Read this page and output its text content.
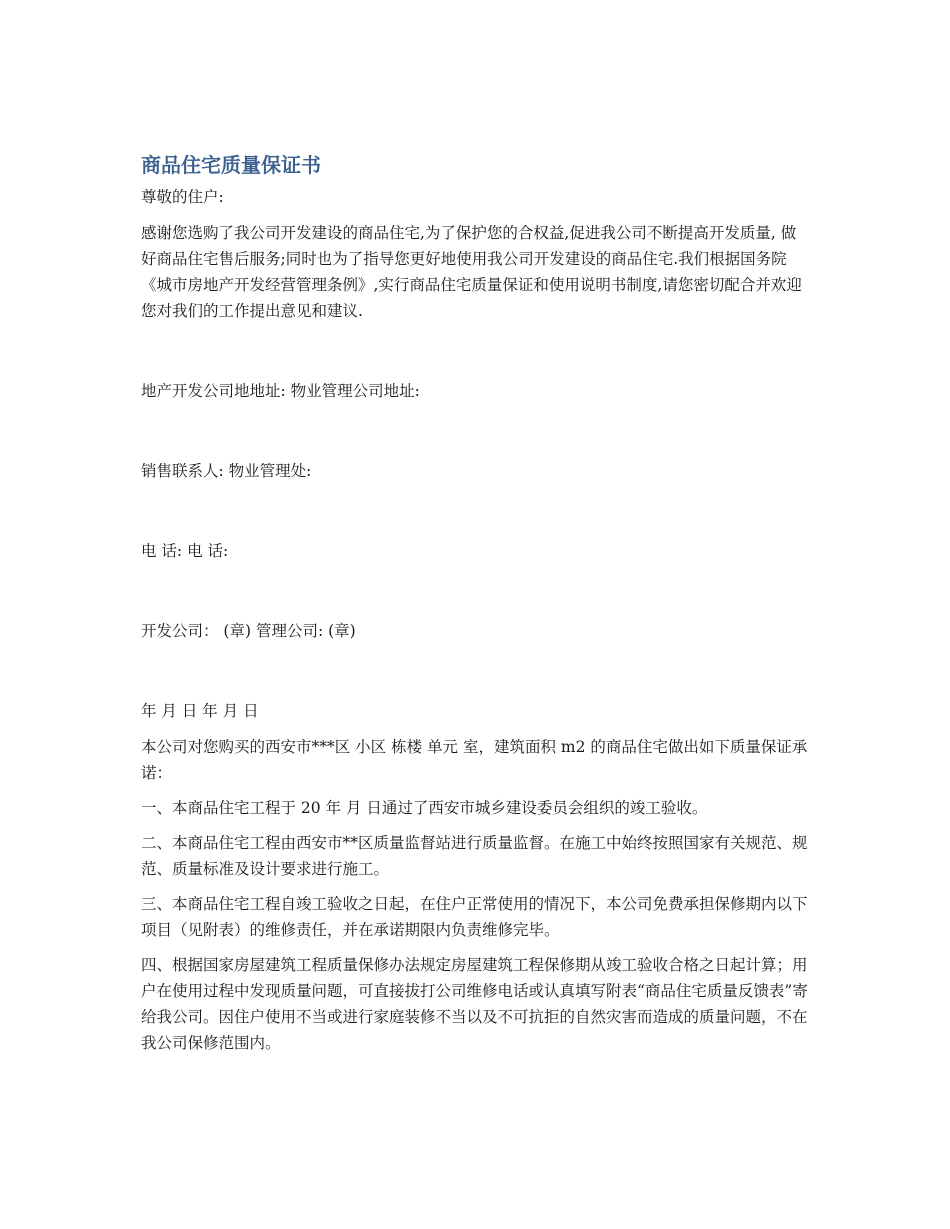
商品住宅质量保证书

尊敬的住户:

感谢您选购了我公司开发建设的商品住宅,为了保护您的合权益,促进我公司不断提高开发质量, 做好商品住宅售后服务;同时也为了指导您更好地使用我公司开发建设的商品住宅.我们根据国务院《城市房地产开发经营管理条例》,实行商品住宅质量保证和使用说明书制度,请您密切配合并欢迎您对我们的工作提出意见和建议.

地产开发公司地地址: 物业管理公司地址:

销售联系人: 物业管理处:

电 话: 电 话:

开发公司： (章) 管理公司: (章)

年 月 日 年 月 日

本公司对您购买的西安市***区 小区 栋楼 单元 室，建筑面积 m2 的商品住宅做出如下质量保证承诺：

一、本商品住宅工程于 20 年 月 日通过了西安市城乡建设委员会组织的竣工验收。

二、本商品住宅工程由西安市**区质量监督站进行质量监督。在施工中始终按照国家有关规范、规范、质量标准及设计要求进行施工。

三、本商品住宅工程自竣工验收之日起，在住户正常使用的情况下，本公司免费承担保修期内以下项目（见附表）的维修责任，并在承诺期限内负责维修完毕。

四、根据国家房屋建筑工程质量保修办法规定房屋建筑工程保修期从竣工验收合格之日起计算；用户在使用过程中发现质量问题，可直接拔打公司维修电话或认真填写附表“商品住宅质量反馈表”寄给我公司。因住户使用不当或进行家庭装修不当以及不可抗拒的自然灾害而造成的质量问题，不在我公司保修范围内。
